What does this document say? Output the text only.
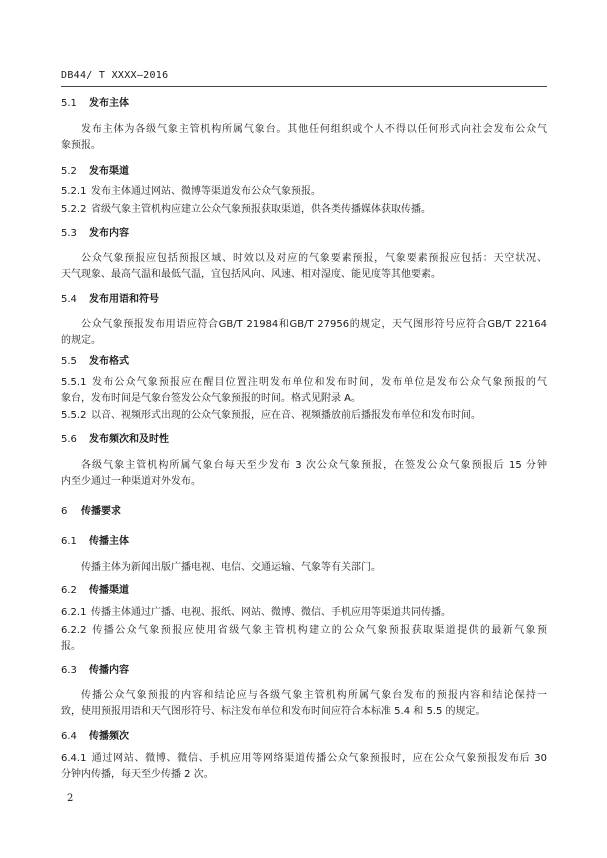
DB44/ T XXXX—2016
5.1 发布主体
发布主体为各级气象主管机构所属气象台。其他任何组织或个人不得以任何形式向社会发布公众气
象预报。
5.2 发布渠道
5.2.1 发布主体通过网站、微博等渠道发布公众气象预报。
5.2.2 省级气象主管机构应建立公众气象预报获取渠道，供各类传播媒体获取传播。
5.3 发布内容
公众气象预报应包括预报区域、时效以及对应的气象要素预报，气象要素预报应包括：天空状况、
天气现象、最高气温和最低气温，宜包括风向、风速、相对湿度、能见度等其他要素。
5.4 发布用语和符号
公众气象预报发布用语应符合GB/T 21984和GB/T 27956的规定，天气图形符号应符合GB/T 22164
的规定。
5.5 发布格式
5.5.1 发布公众气象预报应在醒目位置注明发布单位和发布时间，发布单位是发布公众气象预报的气
象台，发布时间是气象台签发公众气象预报的时间。格式见附录 A。
5.5.2 以音、视频形式出现的公众气象预报，应在音、视频播放前后播报发布单位和发布时间。
5.6 发布频次和及时性
各级气象主管机构所属气象台每天至少发布 3 次公众气象预报，在签发公众气象预报后 15 分钟
内至少通过一种渠道对外发布。
6 传播要求
6.1 传播主体
传播主体为新闻出版广播电视、电信、交通运输、气象等有关部门。
6.2 传播渠道
6.2.1 传播主体通过广播、电视、报纸、网站、微博、微信、手机应用等渠道共同传播。
6.2.2 传播公众气象预报应使用省级气象主管机构建立的公众气象预报获取渠道提供的最新气象预
报。
6.3 传播内容
传播公众气象预报的内容和结论应与各级气象主管机构所属气象台发布的预报内容和结论保持一
致，使用预报用语和天气图形符号、标注发布单位和发布时间应符合本标准 5.4 和 5.5 的规定。
6.4 传播频次
6.4.1 通过网站、微博、微信、手机应用等网络渠道传播公众气象预报时，应在公众气象预报发布后 30
分钟内传播，每天至少传播 2 次。
2
